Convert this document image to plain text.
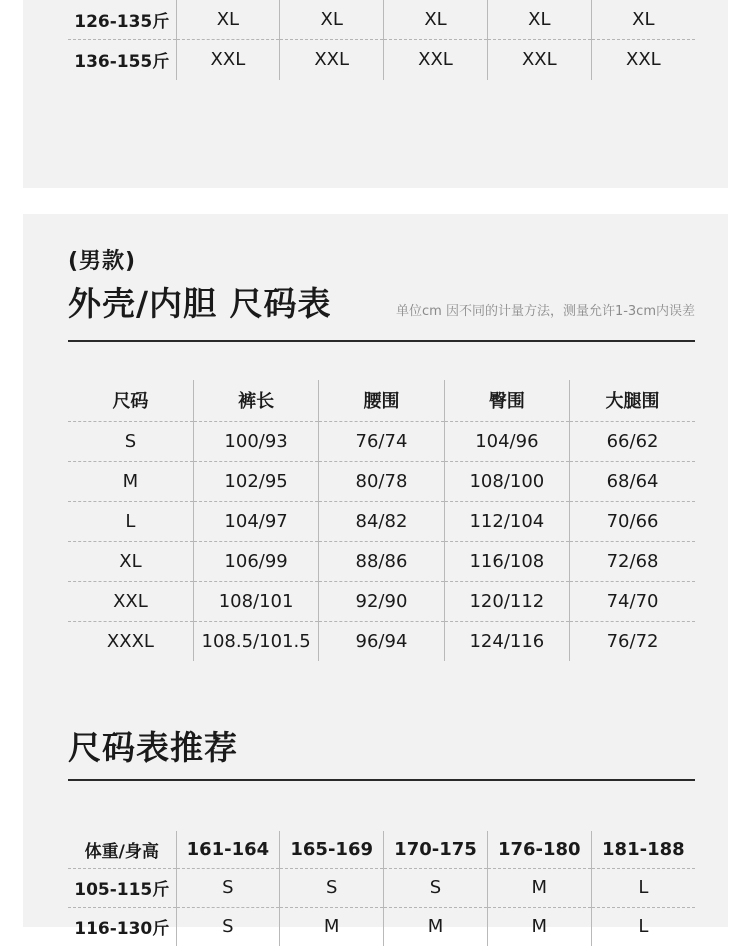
126-135斤	XL	XL	XL	XL	XL
136-155斤	XXL	XXL	XXL	XXL	XXL
(男款)
外壳/内胆 尺码表	单位cm 因不同的计量方法，测量允许1-3cm内误差
尺码	裤长	腰围	臀围	大腿围
S	100/93	76/74	104/96	66/62
M	102/95	80/78	108/100	68/64
L	104/97	84/82	112/104	70/66
XL	106/99	88/86	116/108	72/68
XXL	108/101	92/90	120/112	74/70
XXXL	108.5/101.5	96/94	124/116	76/72
尺码表推荐
体重/身高	161-164	165-169	170-175	176-180	181-188
105-115斤	S	S	S	M	L
116-130斤	S	M	M	M	L
